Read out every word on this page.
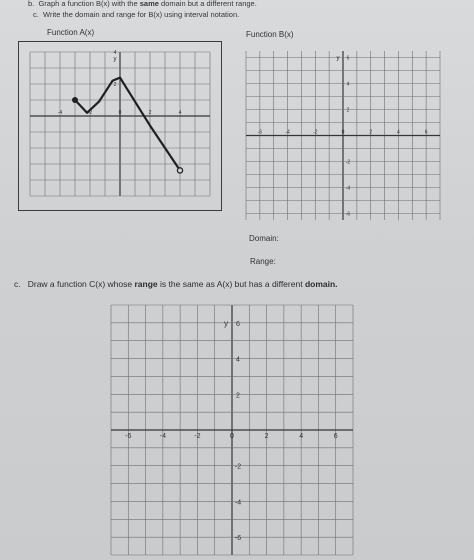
b. Graph a function B(x) with the same domain but a different range.
c. Write the domain and range for B(x) using interval notation.
Function A(x)
-4	-2	0	2	4
2
4
y
Function B(x)
-6	-4	-2	0	2	4	6
6
4
2
-2
-4
-6
y
Domain:
Range:
c. Draw a function C(x) whose range is the same as A(x) but has a different domain.
-6	-4	-2	0	2	4	6
6
4
2
-2
-4
-6
y
